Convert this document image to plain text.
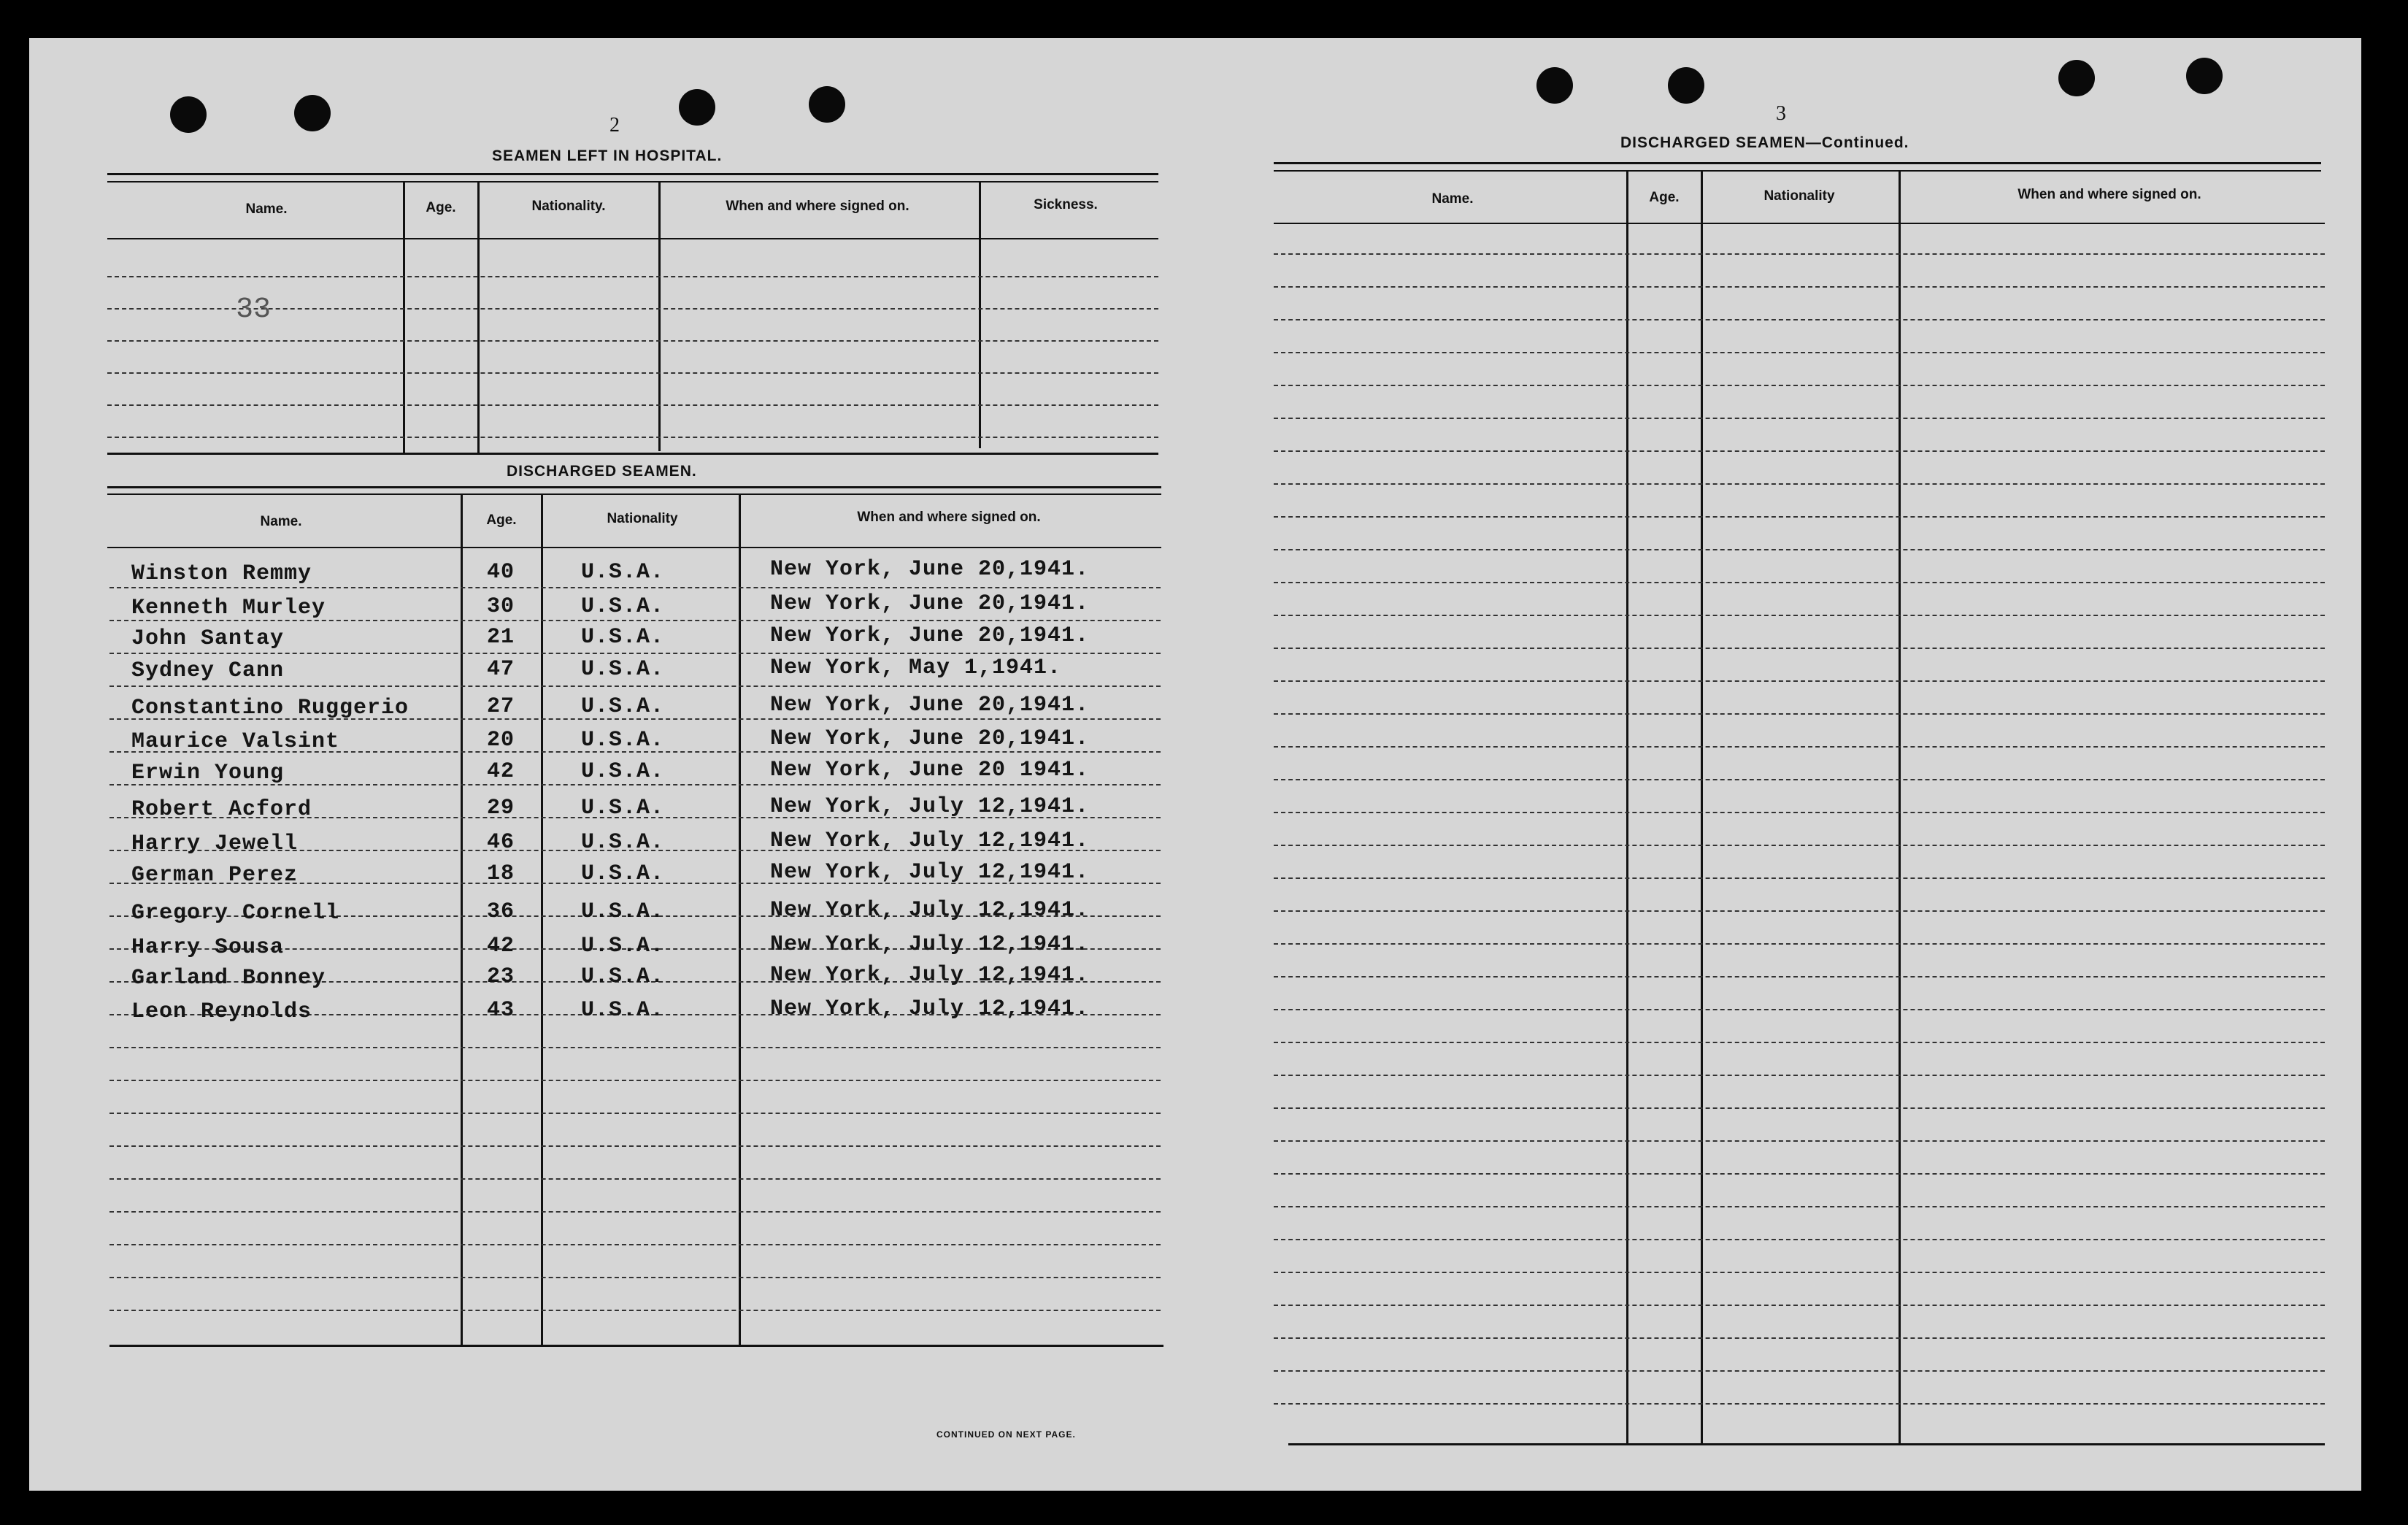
2
SEAMEN LEFT IN HOSPITAL.
Name.	Age.	Nationality.	When and where signed on.	Sickness.
33
DISCHARGED SEAMEN.
Name.	Age.	Nationality	When and where signed on.
CONTINUED ON NEXT PAGE.
Winston Remmy	40	U.S.A.	New York, June 20,1941.
Kenneth Murley	30	U.S.A.	New York, June 20,1941.
John Santay	21	U.S.A.	New York, June 20,1941.
Sydney Cann	47	U.S.A.	New York, May 1,1941.
Constantino Ruggerio	27	U.S.A.	New York, June 20,1941.
Maurice Valsint	20	U.S.A.	New York, June 20,1941.
Erwin Young	42	U.S.A.	New York, June 20 1941.
Robert Acford	29	U.S.A.	New York, July 12,1941.
Harry Jewell	46	U.S.A.	New York, July 12,1941.
German Perez	18	U.S.A.	New York, July 12,1941.
Gregory Cornell	36	U.S.A.	New York, July 12,1941.
Harry Sousa	42	U.S.A.	New York, July 12,1941.
Garland Bonney	23	U.S.A.	New York, July 12,1941.
Leon Reynolds	43	U.S.A.	New York, July 12,1941.
3
DISCHARGED SEAMEN—Continued.
Name.	Age.	Nationality	When and where signed on.
